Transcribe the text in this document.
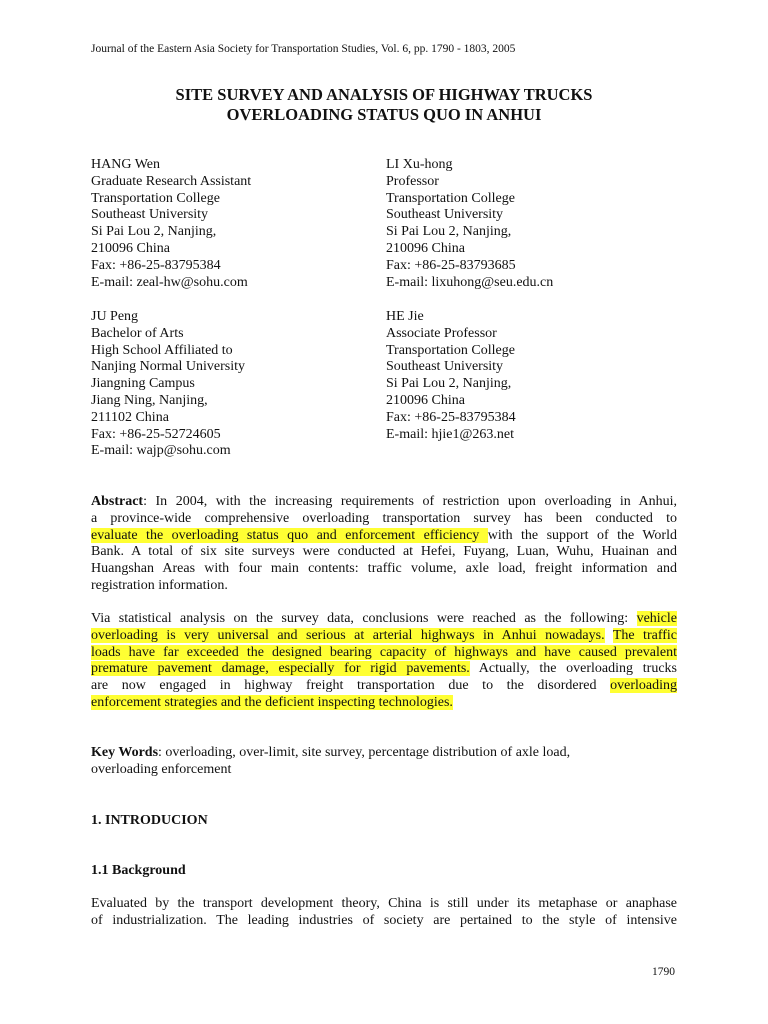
Journal of the Eastern Asia Society for Transportation Studies, Vol. 6, pp. 1790 - 1803, 2005
SITE SURVEY AND ANALYSIS OF HIGHWAY TRUCKS
OVERLOADING STATUS QUO IN ANHUI
HANG Wen
Graduate Research Assistant
Transportation College
Southeast University
Si Pai Lou 2, Nanjing,
210096 China
Fax: +86-25-83795384
E-mail: zeal-hw@sohu.com
LI Xu-hong
Professor
Transportation College
Southeast University
Si Pai Lou 2, Nanjing,
210096 China
Fax: +86-25-83793685
E-mail: lixuhong@seu.edu.cn
JU Peng
Bachelor of Arts
High School Affiliated to
Nanjing Normal University
Jiangning Campus
Jiang Ning, Nanjing,
211102 China
Fax: +86-25-52724605
E-mail: wajp@sohu.com
HE Jie
Associate Professor
Transportation College
Southeast University
Si Pai Lou 2, Nanjing,
210096 China
Fax: +86-25-83795384
E-mail: hjie1@263.net
Abstract: In 2004, with the increasing requirements of restriction upon overloading in Anhui,
a province-wide comprehensive overloading transportation survey has been conducted to
evaluate the overloading status quo and enforcement efficiency with the support of the World
Bank. A total of six site surveys were conducted at Hefei, Fuyang, Luan, Wuhu, Huainan and
Huangshan Areas with four main contents: traffic volume, axle load, freight information and
registration information.
Via statistical analysis on the survey data, conclusions were reached as the following: vehicle
overloading is very universal and serious at arterial highways in Anhui nowadays. The traffic
loads have far exceeded the designed bearing capacity of highways and have caused prevalent
premature pavement damage, especially for rigid pavements. Actually, the overloading trucks
are now engaged in highway freight transportation due to the disordered overloading
enforcement strategies and the deficient inspecting technologies.
Key Words: overloading, over-limit, site survey, percentage distribution of axle load,
overloading enforcement
1. INTRODUCION
1.1 Background
Evaluated by the transport development theory, China is still under its metaphase or anaphase
of industrialization. The leading industries of society are pertained to the style of intensive
1790
